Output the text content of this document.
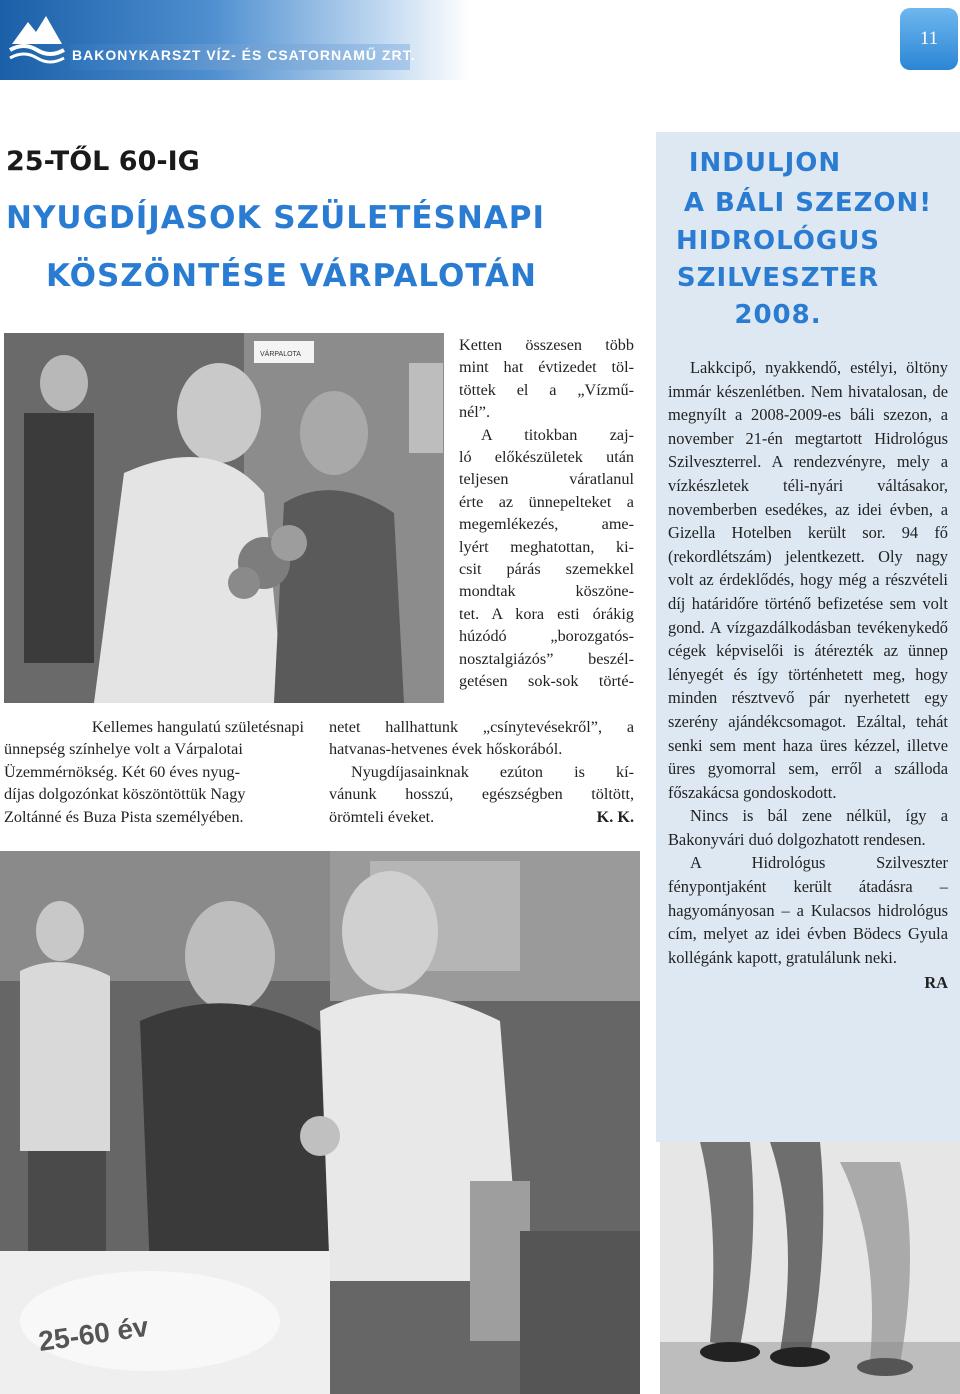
BAKONYKARSZT VÍZ- ÉS CSATORNAMŰ ZRT.
11
25-TŐL 60-IG
NYUGDÍJASOK SZÜLETÉSNAPI
KÖSZÖNTÉSE VÁRPALOTÁN
VÁRPALOTA

Kellemes hangulatú születésnapi

ünnepség színhelye volt a Várpalotai

Üzemmérnökség. Két 60 éves nyug-

díjas dolgozónkat köszöntöttük Nagy

Zoltánné és Buza Pista személyében.

Ketten összesen több

mint hat évtizedet töl-

töttek el a „Vízmű-

nél”.

A titokban zaj-

ló előkészületek után

teljesen váratlanul

érte az ünnepelteket a

megemlékezés, ame-

lyért meghatottan, ki-

csit párás szemekkel

mondtak köszöne-

tet. A kora esti órákig

húzódó „borozgatós-

nosztalgiázós” beszél-

getésen sok-sok törté-

netet hallhattunk „csínytevésekről”, a

hatvanas-hetvenes évek hőskorából.

Nyugdíjasainknak ezúton is kí-

vánunk hosszú, egészségben töltött,

örömteli éveket.	K. K.

25-60 év
INDULJON
A BÁLI SZEZON!
HIDROLÓGUS
SZILVESZTER
2008.

Lakkcipő, nyakkendő, estélyi, öltöny immár készenlétben. Nem hivatalosan, de megnyílt a 2008-2009-es báli szezon, a november 21-én megtartott Hidrológus Szilveszterrel. A rendezvényre, mely a vízkészletek téli-nyári váltásakor, novemberben esedékes, az idei évben, a Gizella Hotelben került sor. 94 fő (rekordlétszám) jelentkezett. Oly nagy volt az érdeklődés, hogy még a részvételi díj határidőre történő befizetése sem volt gond. A vízgazdálkodásban tevékenykedő cégek képviselői is átérezték az ünnep lényegét és így történhetett meg, hogy minden résztvevő pár nyerhetett egy szerény ajándékcsomagot. Ezáltal, tehát senki sem ment haza üres kézzel, illetve üres gyomorral sem, erről a szálloda főszakácsa gondoskodott.

Nincs is bál zene nélkül, így a Bakonyvári duó dolgozhatott rendesen.

A Hidrológus Szilveszter fénypontjaként került átadásra – hagyományosan – a Kulacsos hidrológus cím, melyet az idei évben Bödecs Gyula kollégánk kapott, gratulálunk neki.

RA
